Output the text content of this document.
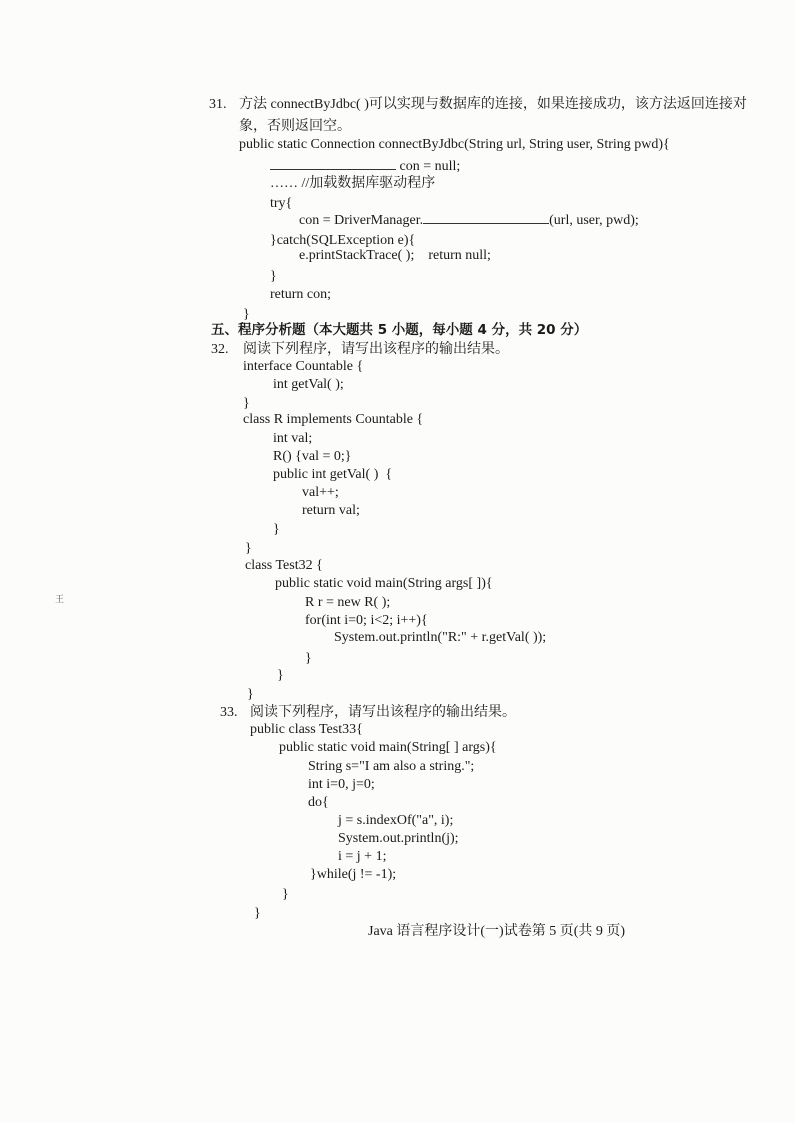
31. 方法 connectByJdbc( )可以实现与数据库的连接，如果连接成功，该方法返回连接对
象，否则返回空。
public static Connection connectByJdbc(String url, String user, String pwd){
con = null;
…… //加载数据库驱动程序
try{
con = DriverManager.	(url, user, pwd);
}catch(SQLException e){
e.printStackTrace( );    return null;
}
return con;
}
五、程序分析题（本大题共 5 小题，每小题 4 分，共 20 分）
32. 阅读下列程序，请写出该程序的输出结果。
interface Countable {
int getVal( );
}
class R implements Countable {
int val;
R() {val = 0;}
public int getVal( )  {
val++;
return val;
}
}
class Test32 {
public static void main(String args[ ]){
R r = new R( );
for(int i=0; i<2; i++){
System.out.println("R:" + r.getVal( ));
}
}
}
33. 阅读下列程序，请写出该程序的输出结果。
public class Test33{
public static void main(String[ ] args){
String s="I am also a string.";
int i=0, j=0;
do{
j = s.indexOf("a", i);
System.out.println(j);
i = j + 1;
}while(j != -1);
}
}
Java 语言程序设计(一)试卷第 5 页(共 9 页)
王
